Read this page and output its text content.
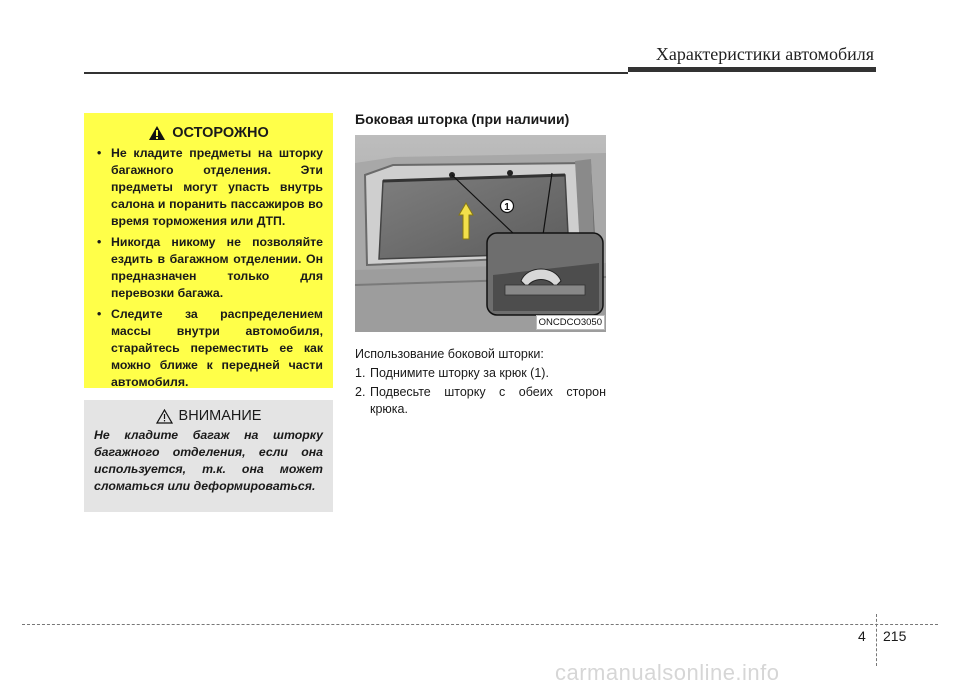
Характеристики автомобиля
ОСТОРОЖНО
• Не кладите предметы на шторку багажного отделения. Эти предметы могут упасть внутрь салона и поранить пассажиров во время торможения или ДТП.
• Никогда никому не позволяйте ездить в багажном отделении. Он предназначен только для перевозки багажа.
• Следите за распределением массы внутри автомобиля, старайтесь переместить ее как можно ближе к передней части автомобиля.
ВНИМАНИЕ
Не кладите багаж на шторку багажного отделения, если она используется, т.к. она может сломаться или деформироваться.
Боковая шторка (при наличии)
1
ONCDCO3050
Использование боковой шторки:
1. Поднимите шторку за крюк (1).
2. Подвесьте шторку с обеих сторон крюка.
4 215
carmanualsonline.info
